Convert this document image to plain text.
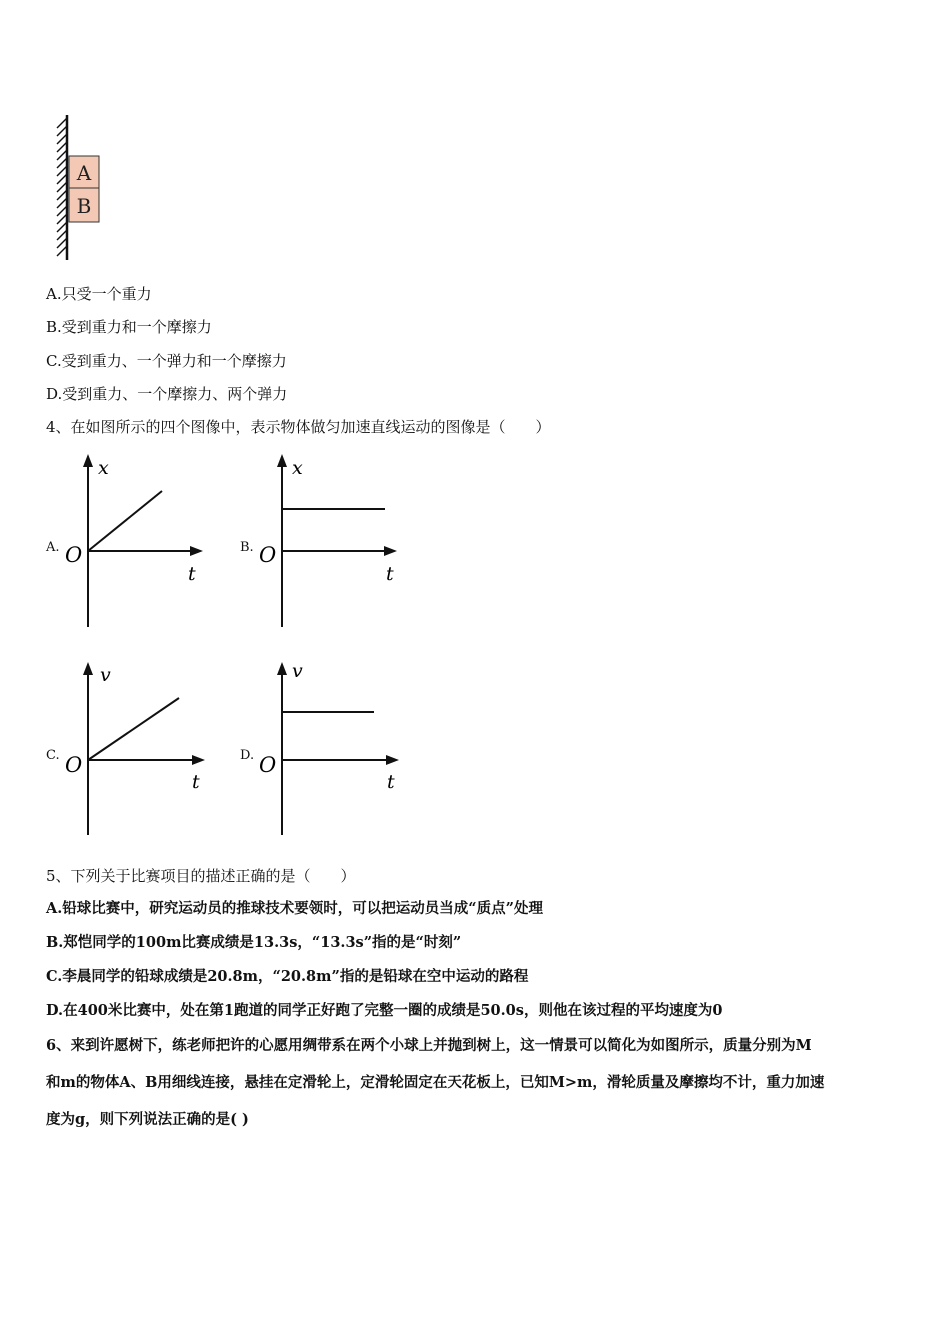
A
B
A.只受一个重力
B.受到重力和一个摩擦力
C.受到重力、一个弹力和一个摩擦力
D.受到重力、一个摩擦力、两个弹力
4、在如图所示的四个图像中，表示物体做匀加速直线运动的图像是（　　）
A.
x
t
O	B.
x
t
O
C.
v
t
O	D.
v
t
O
5、下列关于比赛项目的描述正确的是（　　）
A.铅球比赛中，研究运动员的推球技术要领时，可以把运动员当成“质点”处理
B.郑恺同学的100m比赛成绩是13.3s，“13.3s”指的是“时刻”
C.李晨同学的铅球成绩是20.8m，“20.8m”指的是铅球在空中运动的路程
D.在400米比赛中，处在第1跑道的同学正好跑了完整一圈的成绩是50.0s，则他在该过程的平均速度为0
6、来到许愿树下，练老师把许的心愿用绸带系在两个小球上并抛到树上，这一情景可以简化为如图所示，质量分别为M
和m的物体A、B用细线连接，悬挂在定滑轮上，定滑轮固定在天花板上，已知M>m，滑轮质量及摩擦均不计，重力加速
度为g，则下列说法正确的是( )
